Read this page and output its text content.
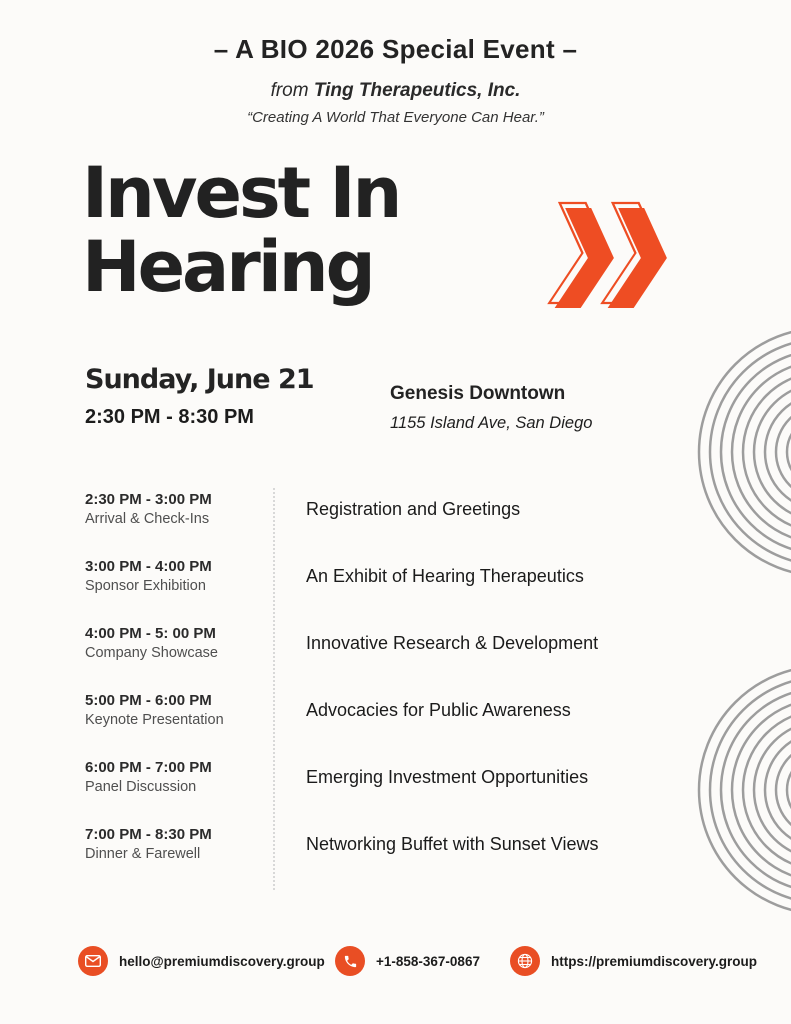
– A BIO 2026 Special Event –
from Ting Therapeutics, Inc.
“Creating A World That Everyone Can Hear.”
Invest In
Hearing
Sunday, June 21
2:30 PM - 8:30 PM
Genesis Downtown
1155 Island Ave, San Diego
2:30 PM - 3:00 PM
Arrival & Check-Ins
Registration and Greetings
3:00 PM - 4:00 PM
Sponsor Exhibition
An Exhibit of Hearing Therapeutics
4:00 PM - 5: 00 PM
Company Showcase
Innovative Research & Development
5:00 PM - 6:00 PM
Keynote Presentation
Advocacies for Public Awareness
6:00 PM - 7:00 PM
Panel Discussion
Emerging Investment Opportunities
7:00 PM - 8:30 PM
Dinner & Farewell
Networking Buffet with Sunset Views
hello@premiumdiscovery.group	+1-858-367-0867	https://premiumdiscovery.group
